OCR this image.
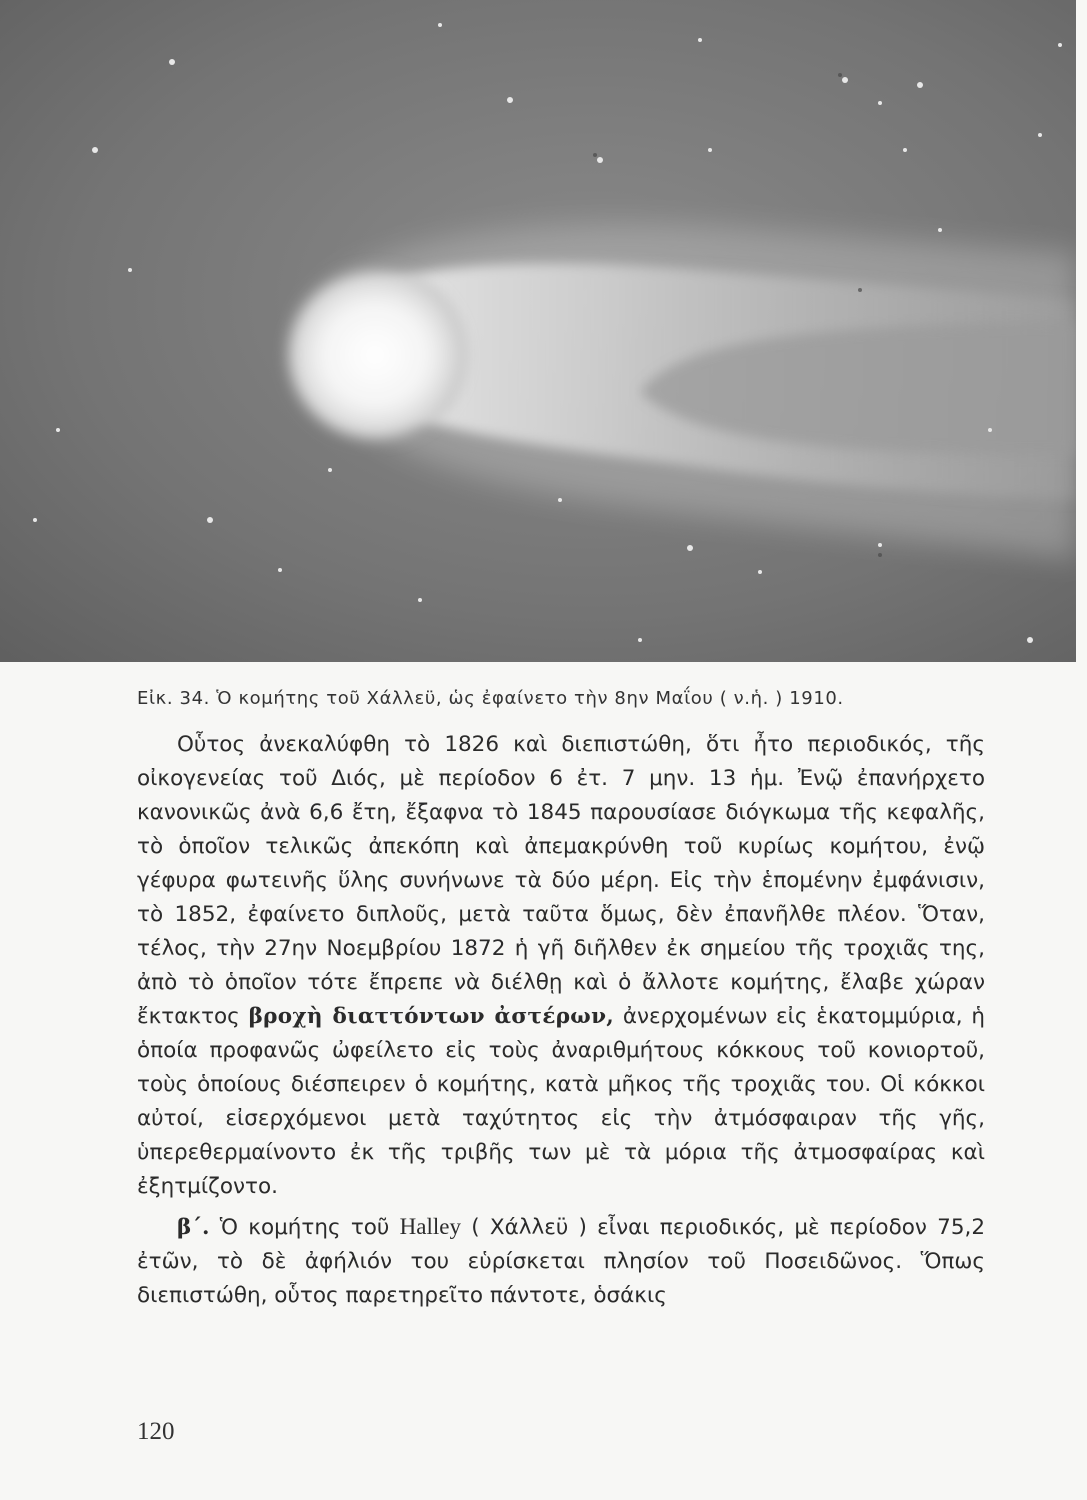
Εἰκ. 34. Ὁ κομήτης τοῦ Χάλλεϋ, ὡς ἐφαίνετο τὴν 8ην Μαΐου ( ν.ἡ. ) 1910.

Οὗτος ἀνεκαλύφθη τὸ 1826 καὶ διεπιστώθη, ὅτι ἦτο περιοδικός, τῆς οἰκογενείας τοῦ Διός, μὲ περίοδον 6 ἐτ. 7 μην. 13 ἡμ. Ἐνῷ ἐπανήρχετο κανονικῶς ἀνὰ 6,6 ἔτη, ἔξαφνα τὸ 1845 παρουσίασε διόγκωμα τῆς κεφαλῆς, τὸ ὁποῖον τελικῶς ἀπεκόπη καὶ ἀπεμακρύνθη τοῦ κυρίως κομήτου, ἐνῷ γέφυρα φωτεινῆς ὕλης συνήνωνε τὰ δύο μέρη. Εἰς τὴν ἑπομένην ἐμφάνισιν, τὸ 1852, ἐφαίνετο διπλοῦς, μετὰ ταῦτα ὅμως, δὲν ἐπανῆλθε πλέον. Ὅταν, τέλος, τὴν 27ην Νοεμβρίου 1872 ἡ γῆ διῆλθεν ἐκ σημείου τῆς τροχιᾶς της, ἀπὸ τὸ ὁποῖον τότε ἔπρεπε νὰ διέλθῃ καὶ ὁ ἄλλοτε κομήτης, ἔλαβε χώραν ἔκτακτος βροχὴ διαττόντων ἀστέρων, ἀνερχομένων εἰς ἑκατομμύρια, ἡ ὁποία προφανῶς ὠφείλετο εἰς τοὺς ἀναριθμήτους κόκκους τοῦ κονιορτοῦ, τοὺς ὁποίους διέσπειρεν ὁ κομήτης, κατὰ μῆκος τῆς τροχιᾶς του. Οἱ κόκκοι αὐτοί, εἰσερχόμενοι μετὰ ταχύτητος εἰς τὴν ἀτμόσφαιραν τῆς γῆς, ὑπερεθερμαίνοντο ἐκ τῆς τριβῆς των μὲ τὰ μόρια τῆς ἀτμοσφαίρας καὶ ἐξητμίζοντο.

β΄. Ὁ κομήτης τοῦ Halley ( Χάλλεϋ ) εἶναι περιοδικός, μὲ περίοδον 75,2 ἐτῶν, τὸ δὲ ἀφήλιόν του εὑρίσκεται πλησίον τοῦ Ποσειδῶνος. Ὅπως διεπιστώθη, οὗτος παρετηρεῖτο πάντοτε, ὁσάκις

120
